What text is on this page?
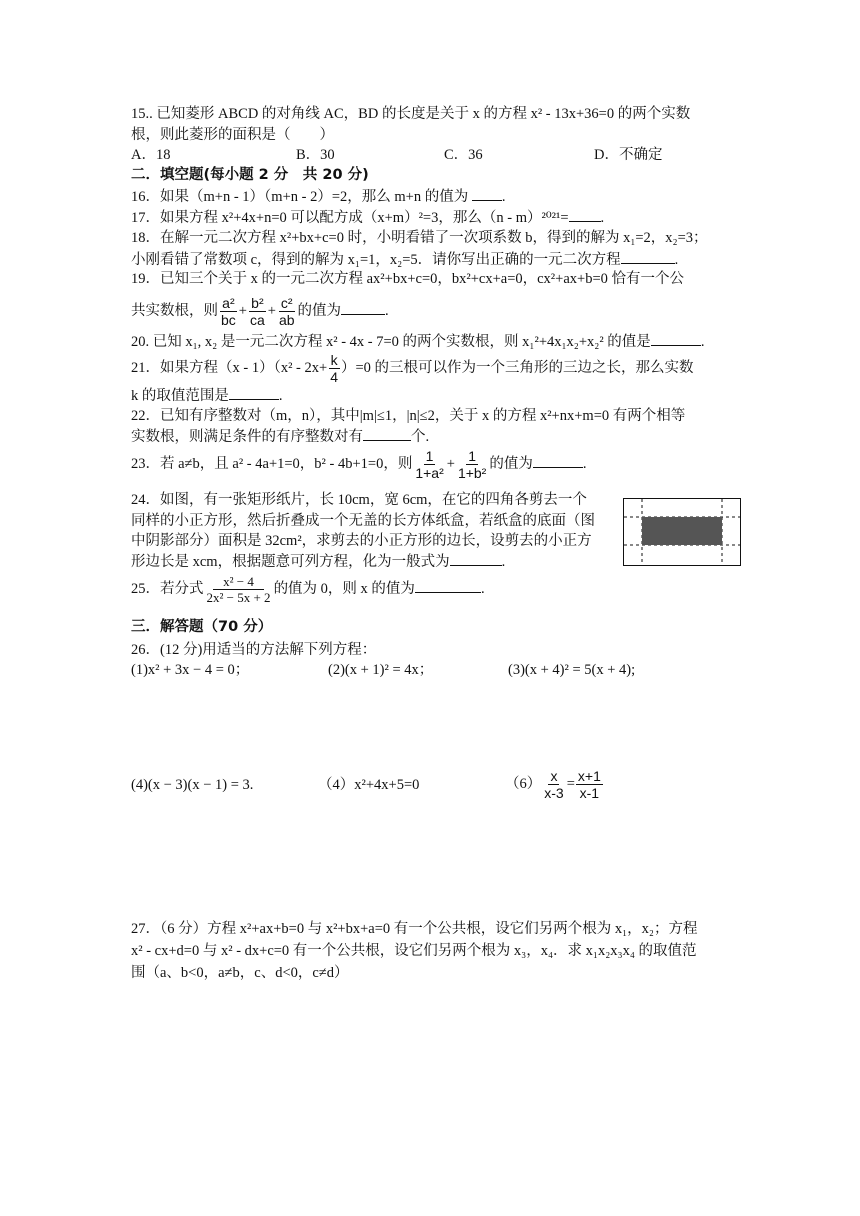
15.. 已知菱形 ABCD 的对角线 AC，BD 的长度是关于 x 的方程 x² - 13x+36=0 的两个实数
根，则此菱形的面积是（　　）
A．18	B．30	C．36	D．不确定
二．填空题(每小题 2 分　共 20 分)
16．如果（m+n - 1）（m+n - 2）=2，那么 m+n 的值为 .
17．如果方程 x²+4x+n=0 可以配方成（x+m）²=3，那么（n - m）²⁰²¹= .
18．在解一元二次方程 x²+bx+c=0 时，小明看错了一次项系数 b，得到的解为 x₁=2，x₂=3；
小刚看错了常数项 c，得到的解为 x₁=1，x₂=5．请你写出正确的一元二次方程	.
19．已知三个关于 x 的一元二次方程 ax²+bx+c=0，bx²+cx+a=0，cx²+ax+b=0 恰有一个公
共实数根，则 $\frac{\text{a²}}{bc} + \frac{\text{b²}}{ca} + \frac{\text{c²}}{ab}$ 的值为	.
20. 已知 x₁, x₂ 是一元二次方程 x² - 4x - 7=0 的两个实数根，则 x₁²+4x₁x₂+x₂² 的值是	.
21．如果方程$(x - 1)(x^2 - 2x+ \frac{k}{4} )=0$ 的三根可以作为一个三角形的三边之长，那么实数
k 的取值范围是	.
22．已知有序整数对（m，n），其中|m|≤1，|n|≤2，关于 x 的方程 x²+nx+m=0 有两个相等
实数根，则满足条件的有序整数对有	个.
23．若 a≠b，且 a² - 4a+1=0，b² - 4b+1=0，则 $\frac{1}{\text{1+a²}} + \frac{1}{\text{1+b²}}$ 的值为	.
24．如图，有一张矩形纸片，长 10cm，宽 6cm，在它的四角各剪去一个
同样的小正方形，然后折叠成一个无盖的长方体纸盒，若纸盒的底面（图
中阴影部分）面积是 32cm²，求剪去的小正方形的边长，设剪去的小正方
形边长是 xcm，根据题意可列方程，化为一般式为	.
25．若分式 $\frac{\text{x² − 4}}{\text{2x² − 5x + 2}}$ 的值为 0，则 x 的值为	.
三．解答题（70 分）
26．(12 分)用适当的方法解下列方程：
(1)x² + 3x − 4 = 0；	(2)(x + 1)² = 4x；	(3)(x + 4)² = 5(x + 4);
(4)(x − 3)(x − 1) = 3.	（4）x²+4x+5=0	$(6) \frac{x}{x-3} = \frac{x+1}{x-1}$
27．（6 分）方程 x²+ax+b=0 与 x²+bx+a=0 有一个公共根，设它们另两个根为 x₁，x₂；方程
x² - cx+d=0 与 x² - dx+c=0 有一个公共根，设它们另两个根为 x₃，x₄．求 x₁x₂x₃x₄ 的取值范
围（a、b<0，a≠b，c、d<0，c≠d）
